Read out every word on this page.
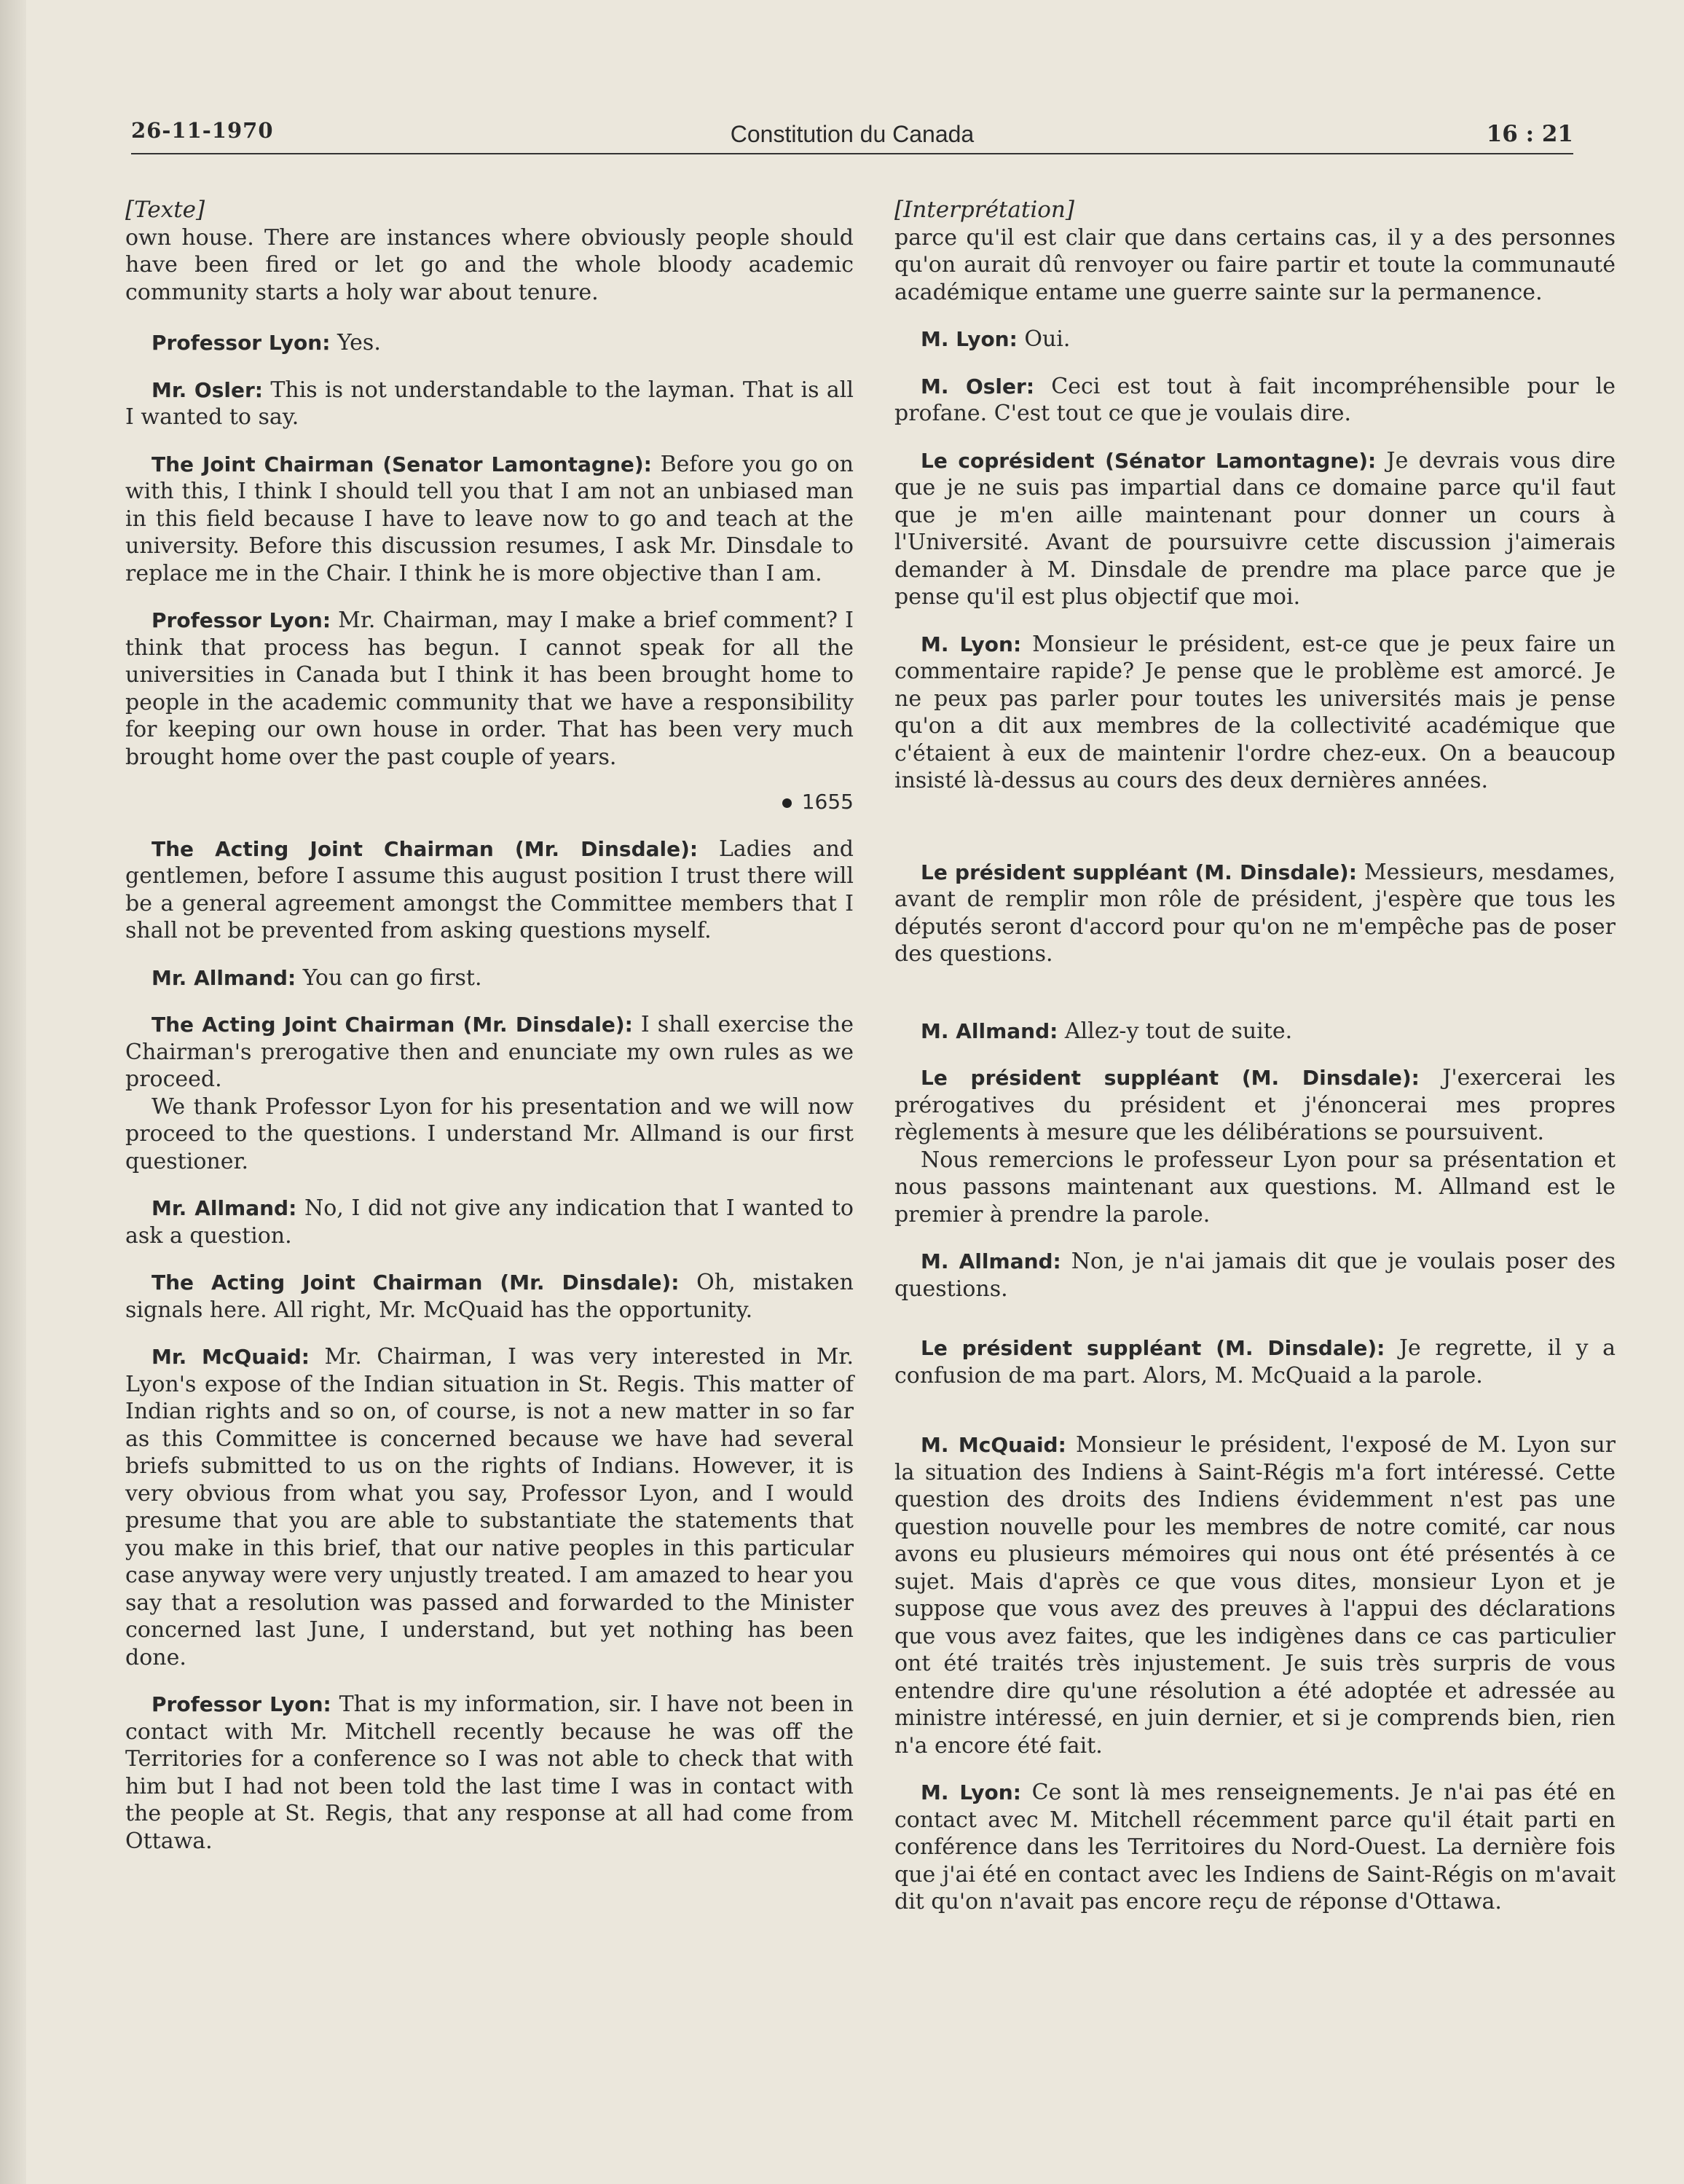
26-11-1970	Constitution du Canada	16 : 21

[Texte]

own house. There are instances where obviously people should have been fired or let go and the whole bloody academic community starts a holy war about tenure.

Professor Lyon: Yes.

Mr. Osler: This is not understandable to the layman. That is all I wanted to say.

The Joint Chairman (Senator Lamontagne): Before you go on with this, I think I should tell you that I am not an unbiased man in this field because I have to leave now to go and teach at the university. Before this discussion resumes, I ask Mr. Dinsdale to replace me in the Chair. I think he is more objective than I am.

Professor Lyon: Mr. Chairman, may I make a brief comment? I think that process has begun. I cannot speak for all the universities in Canada but I think it has been brought home to people in the academic community that we have a responsibility for keeping our own house in order. That has been very much brought home over the past couple of years.

1655

The Acting Joint Chairman (Mr. Dinsdale): Ladies and gentlemen, before I assume this august position I trust there will be a general agreement amongst the Committee members that I shall not be prevented from asking questions myself.

Mr. Allmand: You can go first.

The Acting Joint Chairman (Mr. Dinsdale): I shall exercise the Chairman's prerogative then and enunciate my own rules as we proceed.

We thank Professor Lyon for his presentation and we will now proceed to the questions. I understand Mr. Allmand is our first questioner.

Mr. Allmand: No, I did not give any indication that I wanted to ask a question.

The Acting Joint Chairman (Mr. Dinsdale): Oh, mistaken signals here. All right, Mr. McQuaid has the opportunity.

Mr. McQuaid: Mr. Chairman, I was very interested in Mr. Lyon's expose of the Indian situation in St. Regis. This matter of Indian rights and so on, of course, is not a new matter in so far as this Committee is concerned because we have had several briefs submitted to us on the rights of Indians. However, it is very obvious from what you say, Professor Lyon, and I would presume that you are able to substantiate the statements that you make in this brief, that our native peoples in this particular case anyway were very unjustly treated. I am amazed to hear you say that a resolution was passed and forwarded to the Minister concerned last June, I understand, but yet nothing has been done.

Professor Lyon: That is my information, sir. I have not been in contact with Mr. Mitchell recently because he was off the Territories for a conference so I was not able to check that with him but I had not been told the last time I was in contact with the people at St. Regis, that any response at all had come from Ottawa.

[Interprétation]

parce qu'il est clair que dans certains cas, il y a des personnes qu'on aurait dû renvoyer ou faire partir et toute la communauté académique entame une guerre sainte sur la permanence.

M. Lyon: Oui.

M. Osler: Ceci est tout à fait incompréhensible pour le profane. C'est tout ce que je voulais dire.

Le coprésident (Sénator Lamontagne): Je devrais vous dire que je ne suis pas impartial dans ce domaine parce qu'il faut que je m'en aille maintenant pour donner un cours à l'Université. Avant de poursuivre cette discussion j'aimerais demander à M. Dinsdale de prendre ma place parce que je pense qu'il est plus objectif que moi.

M. Lyon: Monsieur le président, est-ce que je peux faire un commentaire rapide? Je pense que le problème est amorcé. Je ne peux pas parler pour toutes les universités mais je pense qu'on a dit aux membres de la collectivité académique que c'étaient à eux de maintenir l'ordre chez-eux. On a beaucoup insisté là-dessus au cours des deux dernières années.

Le président suppléant (M. Dinsdale): Messieurs, mesdames, avant de remplir mon rôle de président, j'espère que tous les députés seront d'accord pour qu'on ne m'empêche pas de poser des questions.

M. Allmand: Allez-y tout de suite.

Le président suppléant (M. Dinsdale): J'exercerai les prérogatives du président et j'énoncerai mes propres règlements à mesure que les délibérations se poursuivent.

Nous remercions le professeur Lyon pour sa présentation et nous passons maintenant aux questions. M. Allmand est le premier à prendre la parole.

M. Allmand: Non, je n'ai jamais dit que je voulais poser des questions.

Le président suppléant (M. Dinsdale): Je regrette, il y a confusion de ma part. Alors, M. McQuaid a la parole.

M. McQuaid: Monsieur le président, l'exposé de M. Lyon sur la situation des Indiens à Saint-Régis m'a fort intéressé. Cette question des droits des Indiens évidemment n'est pas une question nouvelle pour les membres de notre comité, car nous avons eu plusieurs mémoires qui nous ont été présentés à ce sujet. Mais d'après ce que vous dites, monsieur Lyon et je suppose que vous avez des preuves à l'appui des déclarations que vous avez faites, que les indigènes dans ce cas particulier ont été traités très injustement. Je suis très surpris de vous entendre dire qu'une résolution a été adoptée et adressée au ministre intéressé, en juin dernier, et si je comprends bien, rien n'a encore été fait.

M. Lyon: Ce sont là mes renseignements. Je n'ai pas été en contact avec M. Mitchell récemment parce qu'il était parti en conférence dans les Territoires du Nord-Ouest. La dernière fois que j'ai été en contact avec les Indiens de Saint-Régis on m'avait dit qu'on n'avait pas encore reçu de réponse d'Ottawa.
